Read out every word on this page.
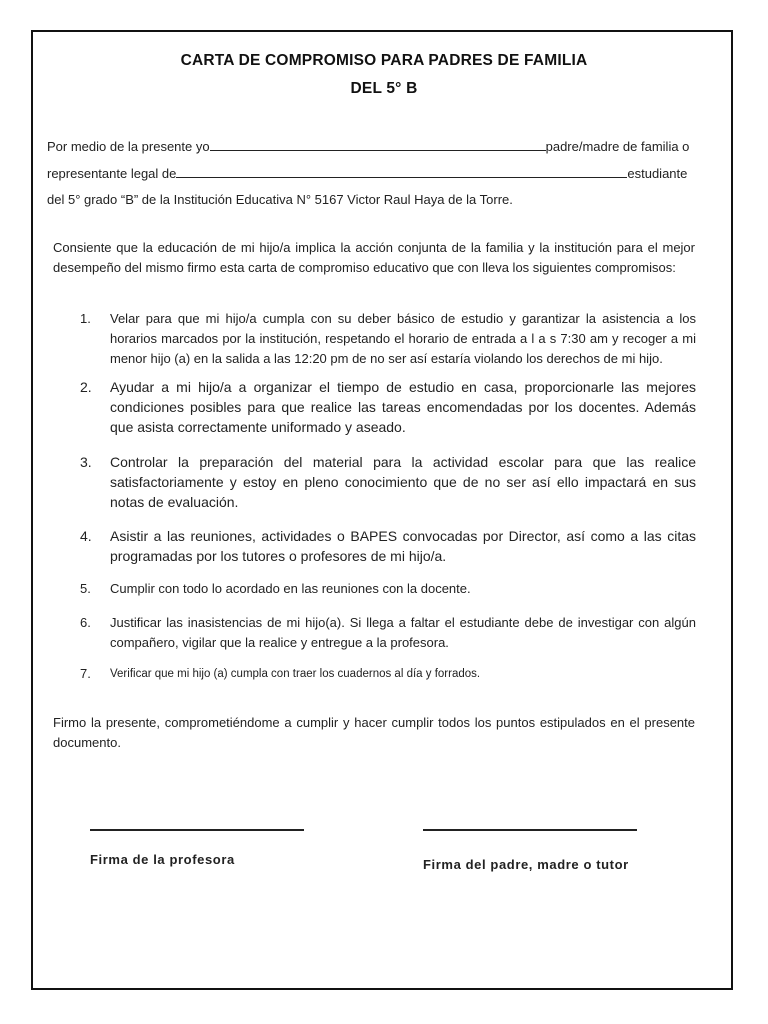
CARTA DE COMPROMISO PARA PADRES DE FAMILIA
DEL 5° B
Por medio de la presente yo	padre/madre de familia o
representante legal de	estudiante
del 5° grado “B” de la Institución Educativa N° 5167 Victor Raul Haya de la Torre.
Consiente que la educación de mi hijo/a implica la acción conjunta de la familia y la institución para el mejor desempeño del mismo firmo esta carta de compromiso educativo que con lleva los siguientes compromisos:
1. Velar para que mi hijo/a cumpla con su deber básico de estudio y garantizar la asistencia a los horarios marcados por la institución, respetando el horario de entrada a l a s 7:30 am y recoger a mi menor hijo (a) en la salida a las 12:20 pm de no ser así estaría violando los derechos de mi hijo.
2. Ayudar a mi hijo/a a organizar el tiempo de estudio en casa, proporcionarle las mejores condiciones posibles para que realice las tareas encomendadas por los docentes. Además que asista correctamente uniformado y aseado.
3. Controlar la preparación del material para la actividad escolar para que las realice satisfactoriamente y estoy en pleno conocimiento que de no ser así ello impactará en sus notas de evaluación.
4. Asistir a las reuniones, actividades o BAPES convocadas por Director, así como a las citas programadas por los tutores o profesores de mi hijo/a.
5. Cumplir con todo lo acordado en las reuniones con la docente.
6. Justificar las inasistencias de mi hijo(a). Si llega a faltar el estudiante debe de investigar con algún compañero, vigilar que la realice y entregue a la profesora.
7. Verificar que mi hijo (a) cumpla con traer los cuadernos al día y forrados.
Firmo la presente, comprometiéndome a cumplir y hacer cumplir todos los puntos estipulados en el presente documento.
Firma de la profesora	Firma del padre, madre o tutor
